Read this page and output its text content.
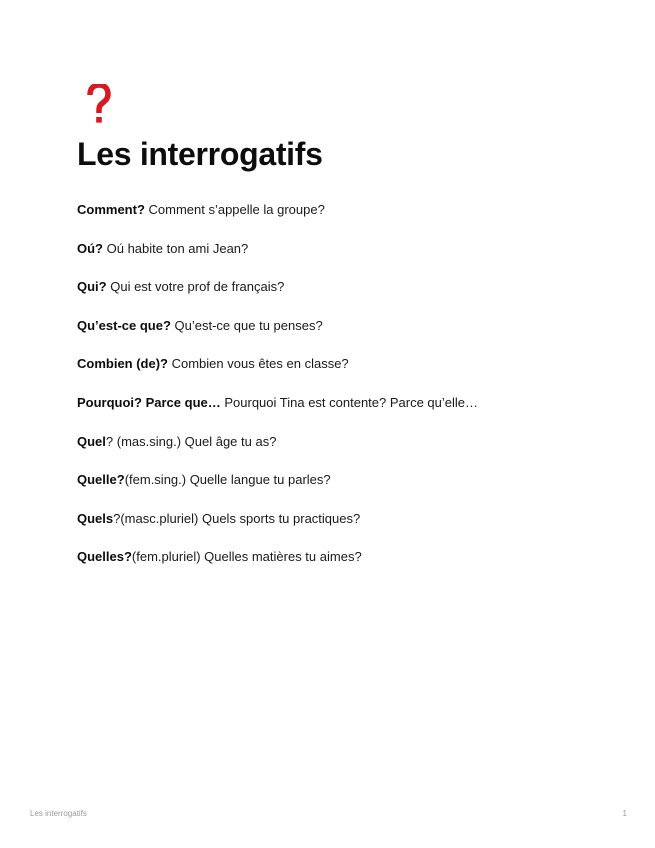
Les interrogatifs
Comment? Comment s’appelle la groupe?
Oú? Oú habite ton ami Jean?
Qui? Qui est votre prof de français?
Qu’est-ce que? Qu’est-ce que tu penses?
Combien (de)? Combien vous êtes en classe?
Pourquoi? Parce que… Pourquoi Tina est contente? Parce qu’elle…
Quel? (mas.sing.) Quel âge tu as?
Quelle?(fem.sing.) Quelle langue tu parles?
Quels?(masc.pluriel) Quels sports tu practiques?
Quelles?(fem.pluriel) Quelles matières tu aimes?
Les interrogatifs	1
